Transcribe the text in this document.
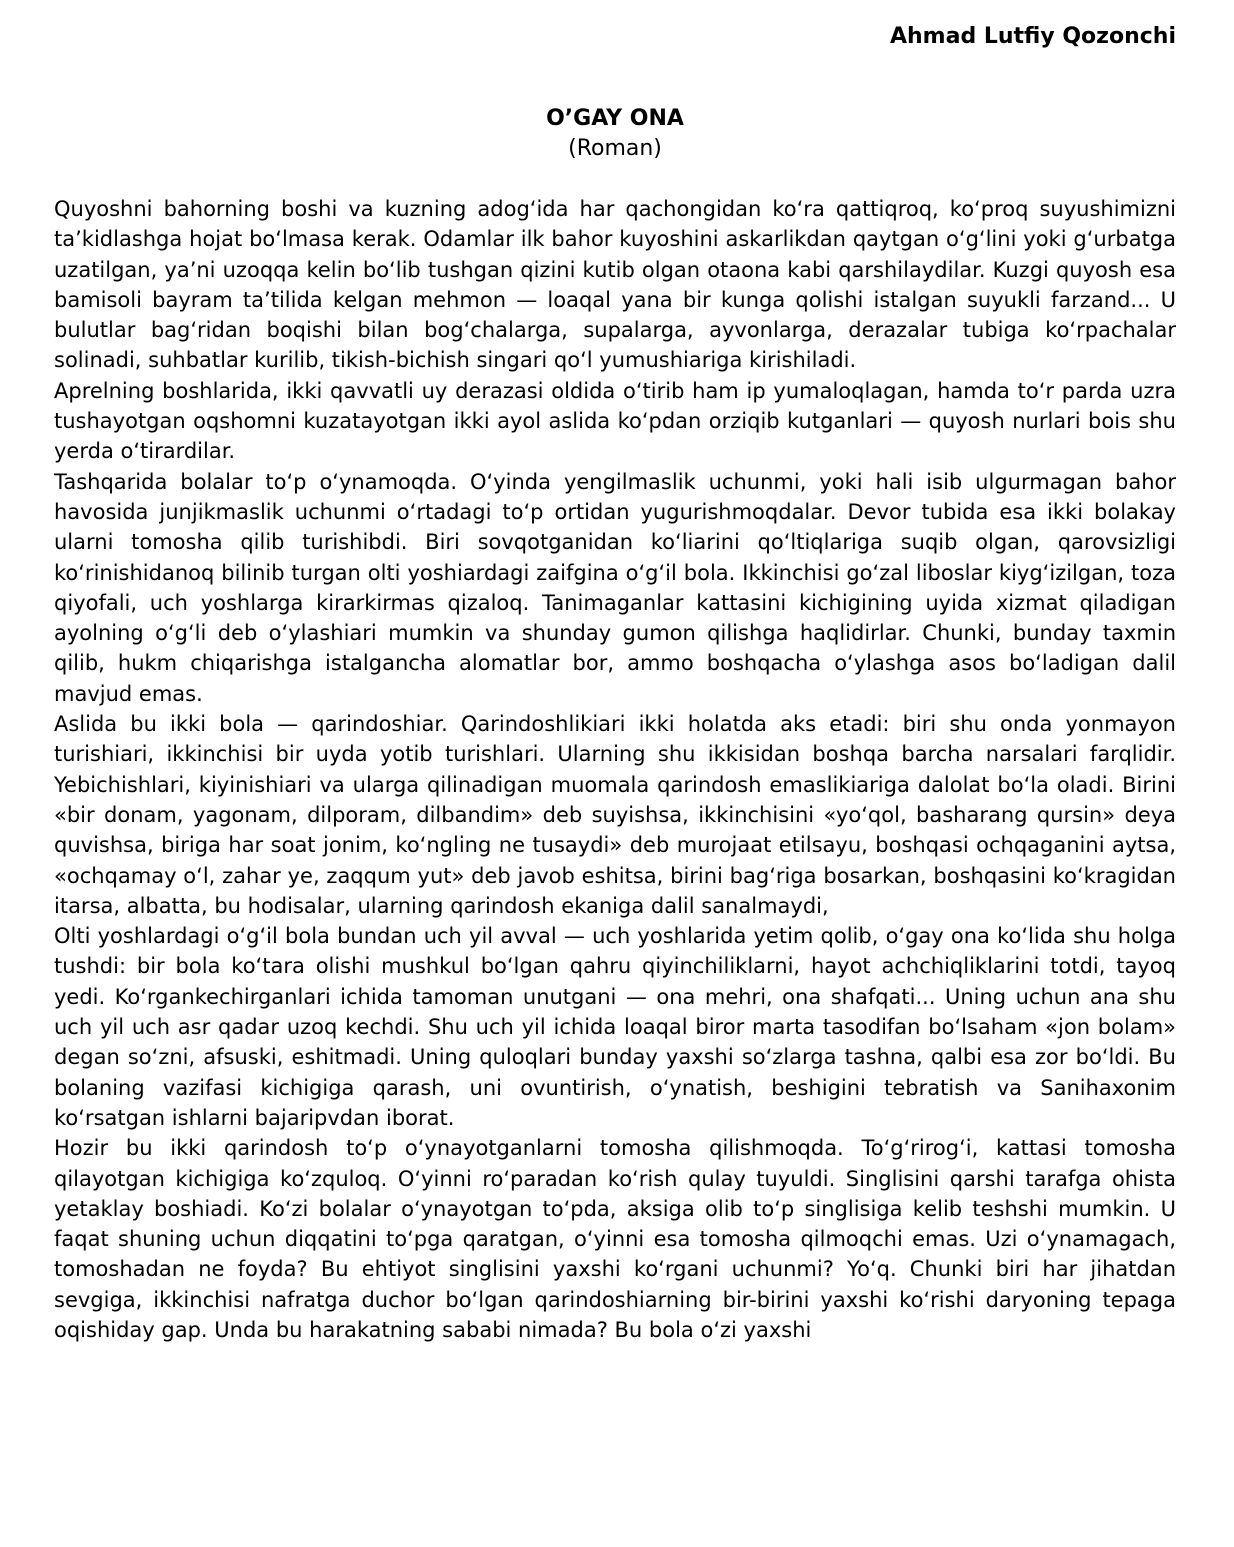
Ahmad Lutfiy Qozonchi

O’GAY ONA

(Roman)

Quyoshni bahorning boshi va kuzning adog‘ida har qachongidan ko‘ra qattiqroq, ko‘proq suyushimizni ta’kidlashga hojat bo‘lmasa kerak. Odamlar ilk bahor kuyoshini askarlikdan qaytgan o‘g‘lini yoki g‘urbatga uzatilgan, ya’ni uzoqqa kelin bo‘lib tushgan qizini kutib olgan otaona kabi qarshilaydilar. Kuzgi quyosh esa bamisoli bayram ta’tilida kelgan mehmon — loaqal yana bir kunga qolishi istalgan suyukli farzand... U bulutlar bag‘ridan boqishi bilan bog‘chalarga, supalarga, ayvonlarga, derazalar tubiga ko‘rpachalar solinadi, suhbatlar kurilib, tikish-bichish singari qo‘l yumushiariga kirishiladi.

Aprelning boshlarida, ikki qavvatli uy derazasi oldida o‘tirib ham ip yumaloqlagan, hamda to‘r parda uzra tushayotgan oqshomni kuzatayotgan ikki ayol aslida ko‘pdan orziqib kutganlari — quyosh nurlari bois shu yerda o‘tirardilar.

Tashqarida bolalar to‘p o‘ynamoqda. O‘yinda yengilmaslik uchunmi, yoki hali isib ulgurmagan bahor havosida junjikmaslik uchunmi o‘rtadagi to‘p ortidan yugurishmoqdalar. Devor tubida esa ikki bolakay ularni tomosha qilib turishibdi. Biri sovqotganidan ko‘liarini qo‘ltiqlariga suqib olgan, qarovsizligi ko‘rinishidanoq bilinib turgan olti yoshiardagi zaifgina o‘g‘il bola. Ikkinchisi go‘zal liboslar kiyg‘izilgan, toza qiyofali, uch yoshlarga kirarkirmas qizaloq. Tanimaganlar kattasini kichigining uyida xizmat qiladigan ayolning o‘g‘li deb o‘ylashiari mumkin va shunday gumon qilishga haqlidirlar. Chunki, bunday taxmin qilib, hukm chiqarishga istalgancha alomatlar bor, ammo boshqacha o‘ylashga asos bo‘ladigan dalil mavjud emas.

Aslida bu ikki bola — qarindoshiar. Qarindoshlikiari ikki holatda aks etadi: biri shu onda yonmayon turishiari, ikkinchisi bir uyda yotib turishlari. Ularning shu ikkisidan boshqa barcha narsalari farqlidir. Yebichishlari, kiyinishiari va ularga qilinadigan muomala qarindosh emaslikiariga dalolat bo‘la oladi. Birini «bir donam, yagonam, dilporam, dilbandim» deb suyishsa, ikkinchisini «yo‘qol, basharang qursin» deya quvishsa, biriga har soat jonim, ko‘ngling ne tusaydi» deb murojaat etilsayu, boshqasi ochqaganini aytsa, «ochqamay o‘l, zahar ye, zaqqum yut» deb javob eshitsa, birini bag‘riga bosarkan, boshqasini ko‘kragidan itarsa, albatta, bu hodisalar, ularning qarindosh ekaniga dalil sanalmaydi,

Olti yoshlardagi o‘g‘il bola bundan uch yil avval — uch yoshlarida yetim qolib, o‘gay ona ko‘lida shu holga tushdi: bir bola ko‘tara olishi mushkul bo‘lgan qahru qiyinchiliklarni, hayot achchiqliklarini totdi, tayoq yedi. Ko‘rgankechirganlari ichida tamoman unutgani — ona mehri, ona shafqati... Uning uchun ana shu uch yil uch asr qadar uzoq kechdi. Shu uch yil ichida loaqal biror marta tasodifan bo‘lsaham «jon bolam» degan so‘zni, afsuski, eshitmadi. Uning quloqlari bunday yaxshi so‘zlarga tashna, qalbi esa zor bo‘ldi. Bu bolaning vazifasi kichigiga qarash, uni ovuntirish, o‘ynatish, beshigini tebratish va Sanihaxonim ko‘rsatgan ishlarni bajaripvdan iborat.

Hozir bu ikki qarindosh to‘p o‘ynayotganlarni tomosha qilishmoqda. To‘g‘rirog‘i, kattasi tomosha qilayotgan kichigiga ko‘zquloq. O‘yinni ro‘paradan ko‘rish qulay tuyuldi. Singlisini qarshi tarafga ohista yetaklay boshiadi. Ko‘zi bolalar o‘ynayotgan to‘pda, aksiga olib to‘p singlisiga kelib teshshi mumkin. U faqat shuning uchun diqqatini to‘pga qaratgan, o‘yinni esa tomosha qilmoqchi emas. Uzi o‘ynamagach, tomoshadan ne foyda? Bu ehtiyot singlisini yaxshi ko‘rgani uchunmi? Yo‘q. Chunki biri har jihatdan sevgiga, ikkinchisi nafratga duchor bo‘lgan qarindoshiarning bir-birini yaxshi ko‘rishi daryoning tepaga oqishiday gap. Unda bu harakatning sababi nimada? Bu bola o‘zi yaxshi
